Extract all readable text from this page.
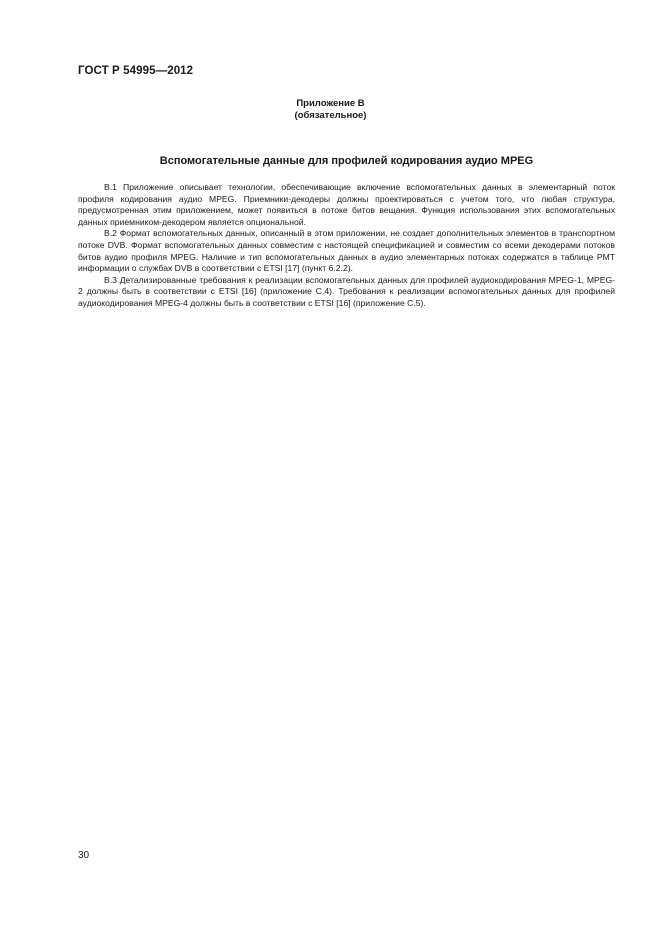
ГОСТ Р 54995—2012
Приложение В
(обязательное)
Вспомогательные данные для профилей кодирования аудио MPEG

В.1 Приложение описывает технологии, обеспечивающие включение вспомогательных данных в элементарный поток профиля кодирования аудио MPEG. Приемники-декодеры должны проектироваться с учетом того, что любая структура, предусмотренная этим приложением, может появиться в потоке битов вещания. Функция использования этих вспомогательных данных приемником-декодером является опциональной.

В.2 Формат вспомогательных данных, описанный в этом приложении, не создает дополнительных элементов в транспортном потоке DVB. Формат вспомогательных данных совместим с настоящей спецификацией и совместим со всеми декодерами потоков битов аудио профиля MPEG. Наличие и тип вспомогательных данных в аудио элементарных потоках содержатся в таблице PMT информации о службах DVB в соответствии с ETSI [17] (пункт 6.2.2).

В.3 Детализированные требования к реализации вспомогательных данных для профилей аудиокодирования MPEG-1, MPEG-2 должны быть в соответствии с ETSI [16] (приложение С.4). Требования к реализации вспомогательных данных для профилей аудиокодирования MPEG-4 должны быть в соответствии с ETSI [16] (приложение С.5).

30
